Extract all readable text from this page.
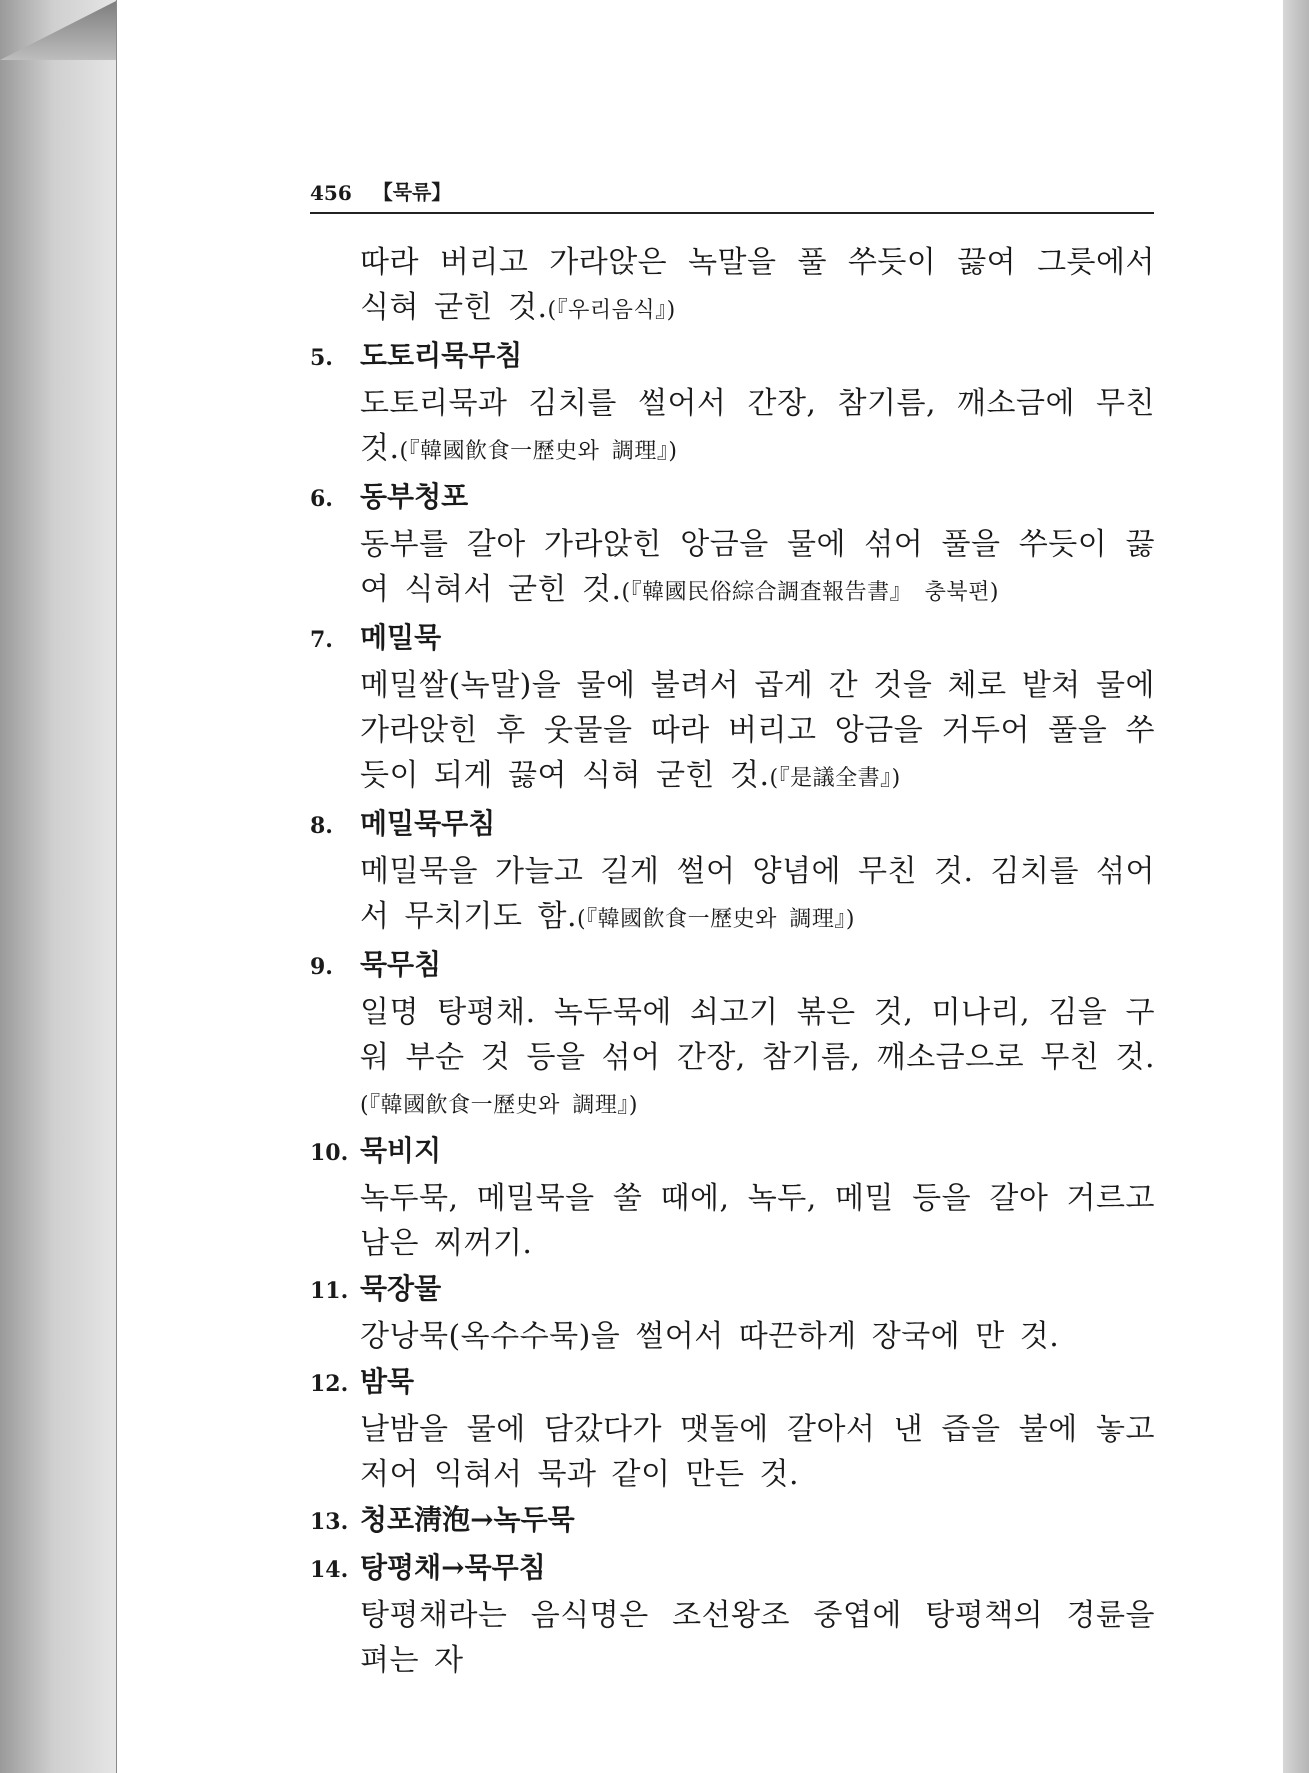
456 【묵류】
따라 버리고 가라앉은 녹말을 풀 쑤듯이 끓여 그릇에서 식혀 굳힌 것.(『우리음식』)
5. 도토리묵무침
도토리묵과 김치를 썰어서 간장, 참기름, 깨소금에 무친 것.(『韓國飮食一歷史와 調理』)
6. 동부청포
동부를 갈아 가라앉힌 앙금을 물에 섞어 풀을 쑤듯이 끓여 식혀서 굳힌 것.(『韓國民俗綜合調査報告書』 충북편)
7. 메밀묵
메밀쌀(녹말)을 물에 불려서 곱게 간 것을 체로 밭쳐 물에 가라앉힌 후 웃물을 따라 버리고 앙금을 거두어 풀을 쑤듯이 되게 끓여 식혀 굳힌 것.(『是議全書』)
8. 메밀묵무침
메밀묵을 가늘고 길게 썰어 양념에 무친 것. 김치를 섞어서 무치기도 함.(『韓國飮食一歷史와 調理』)
9. 묵무침
일명 탕평채. 녹두묵에 쇠고기 볶은 것, 미나리, 김을 구워 부순 것 등을 섞어 간장, 참기름, 깨소금으로 무친 것.(『韓國飮食一歷史와 調理』)
10. 묵비지
녹두묵, 메밀묵을 쑬 때에, 녹두, 메밀 등을 갈아 거르고 남은 찌꺼기.
11. 묵장물
강낭묵(옥수수묵)을 썰어서 따끈하게 장국에 만 것.
12. 밤묵
날밤을 물에 담갔다가 맷돌에 갈아서 낸 즙을 불에 놓고 저어 익혀서 묵과 같이 만든 것.
13. 청포淸泡→녹두묵
14. 탕평채→묵무침
탕평채라는 음식명은 조선왕조 중엽에 탕평책의 경륜을 펴는 자
